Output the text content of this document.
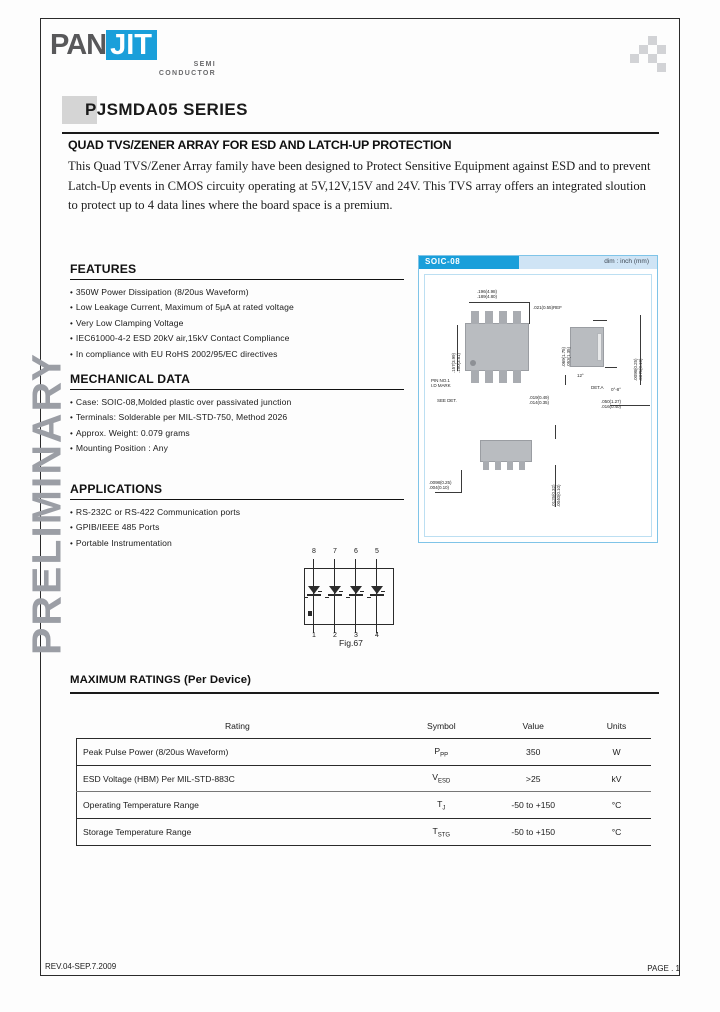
PRELIMINARY
PAN JIT
SEMI
CONDUCTOR
PJSMDA05 SERIES
QUAD TVS/ZENER ARRAY FOR ESD AND LATCH-UP PROTECTION
This Quad TVS/Zener Array family have been designed to Protect Sensitive Equipment against ESD and to prevent Latch-Up events in CMOS circuity operating at 5V,12V,15V and 24V. This TVS array offers an integrated sloution to protect up to 4 data lines where the board space is a premium.
FEATURES
• 350W Power Dissipation (8/20us Waveform)
• Low Leakage Current, Maximum of 5μA at rated voltage
• Very Low Clamping Voltage
• IEC61000-4-2 ESD 20kV air,15kV Contact Compliance
• In compliance with EU RoHS 2002/95/EC directives
MECHANICAL DATA
• Case: SOIC-08,Molded plastic over passivated junction
• Terminals: Solderable per MIL-STD-750, Method 2026
• Approx. Weight: 0.079 grams
• Mounting Position : Any
APPLICATIONS
• RS-232C or RS-422 Communication ports
• GPIB/IEEE 485 Ports
• Portable Instrumentation
SOIC-08	dim : inch (mm)
.196(4.98)
.189(4.80)
.021(0.55)REF
.157(3.99)
.150(3.81)
PIN NO.1
I.D MARK
SEE DET.
.019(0.49)
.014(0.35)
.069(1.75)
.053(1.35)
.0098(0.25)
.0075(0.19)
.050(1.27)
.016(0.40)
.0098(0.25)
.004(0.10)	.0125(0.32)
.0040(0.10)
0°-8°
DET.A
12°
8	7	6	5
1	2	3	4
Fig.67
MAXIMUM RATINGS (Per Device)
Rating	Symbol	Value	Units
Peak Pulse Power (8/20us Waveform)	$P_{PP}$	350	W
ESD Voltage (HBM) Per MIL-STD-883C	$V_{ESD}$	>25	kV
Operating Temperature Range	$T_J$	-50 to +150	°C
Storage Temperature Range	$T_{STG}$	-50 to +150	°C
REV.04-SEP.7.2009	PAGE . 1
